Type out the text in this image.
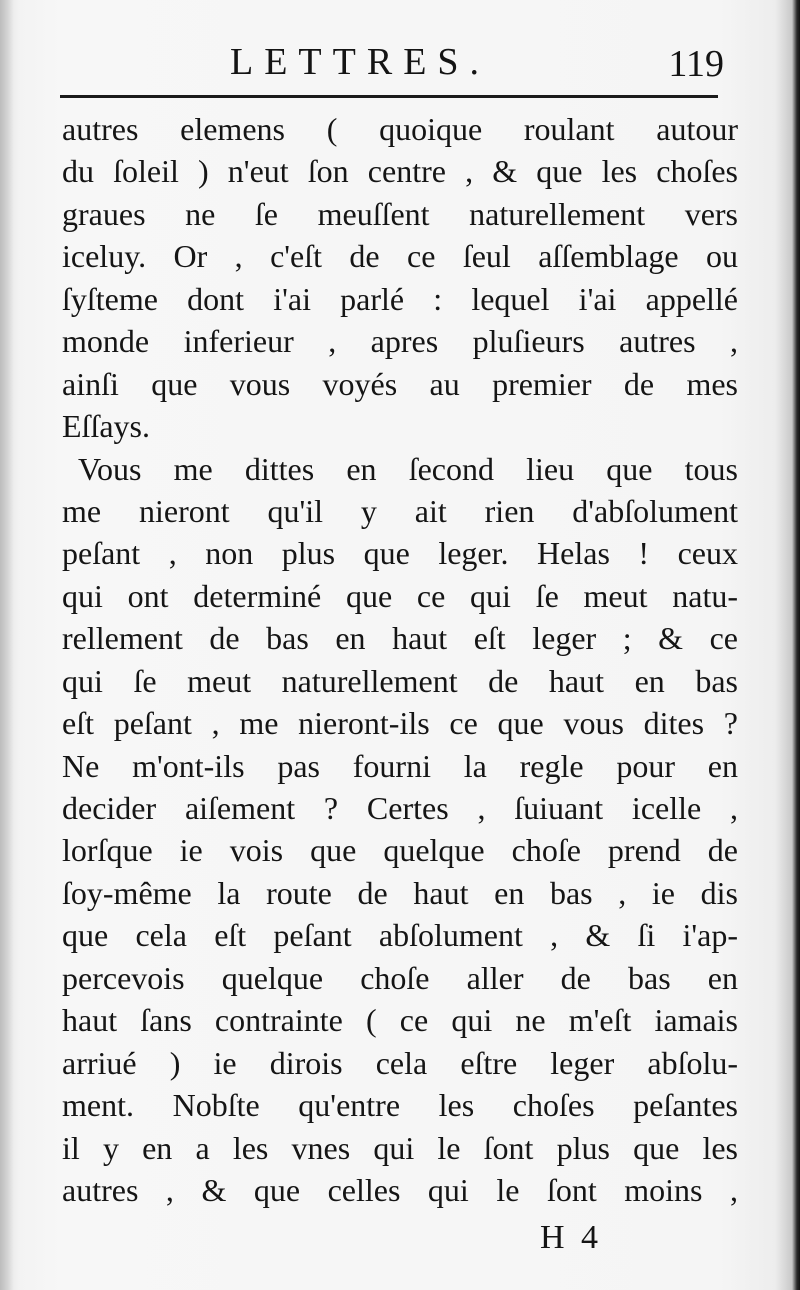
LETTRES.	119
autres elemens ( quoique roulant autour
du ſoleil ) n'eut ſon centre , & que les choſes
graues ne ſe meuſſent naturellement vers
iceluy. Or , c'eſt de ce ſeul aſſemblage ou
ſyſteme dont i'ai parlé : lequel i'ai appellé
monde inferieur , apres pluſieurs autres ,
ainſi que vous voyés au premier de mes
Eſſays.
Vous me dittes en ſecond lieu que tous
me nieront qu'il y ait rien d'abſolument
peſant , non plus que leger. Helas ! ceux
qui ont determiné que ce qui ſe meut natu-
rellement de bas en haut eſt leger ; & ce
qui ſe meut naturellement de haut en bas
eſt peſant , me nieront-ils ce que vous dites ?
Ne m'ont-ils pas fourni la regle pour en
decider aiſement ? Certes , ſuiuant icelle ,
lorſque ie vois que quelque choſe prend de
ſoy-même la route de haut en bas , ie dis
que cela eſt peſant abſolument , & ſi i'ap-
percevois quelque choſe aller de bas en
haut ſans contrainte ( ce qui ne m'eſt iamais
arriué ) ie dirois cela eſtre leger abſolu-
ment. Nobſte qu'entre les choſes peſantes
il y en a les vnes qui le ſont plus que les
autres , & que celles qui le ſont moins ,
H 4
